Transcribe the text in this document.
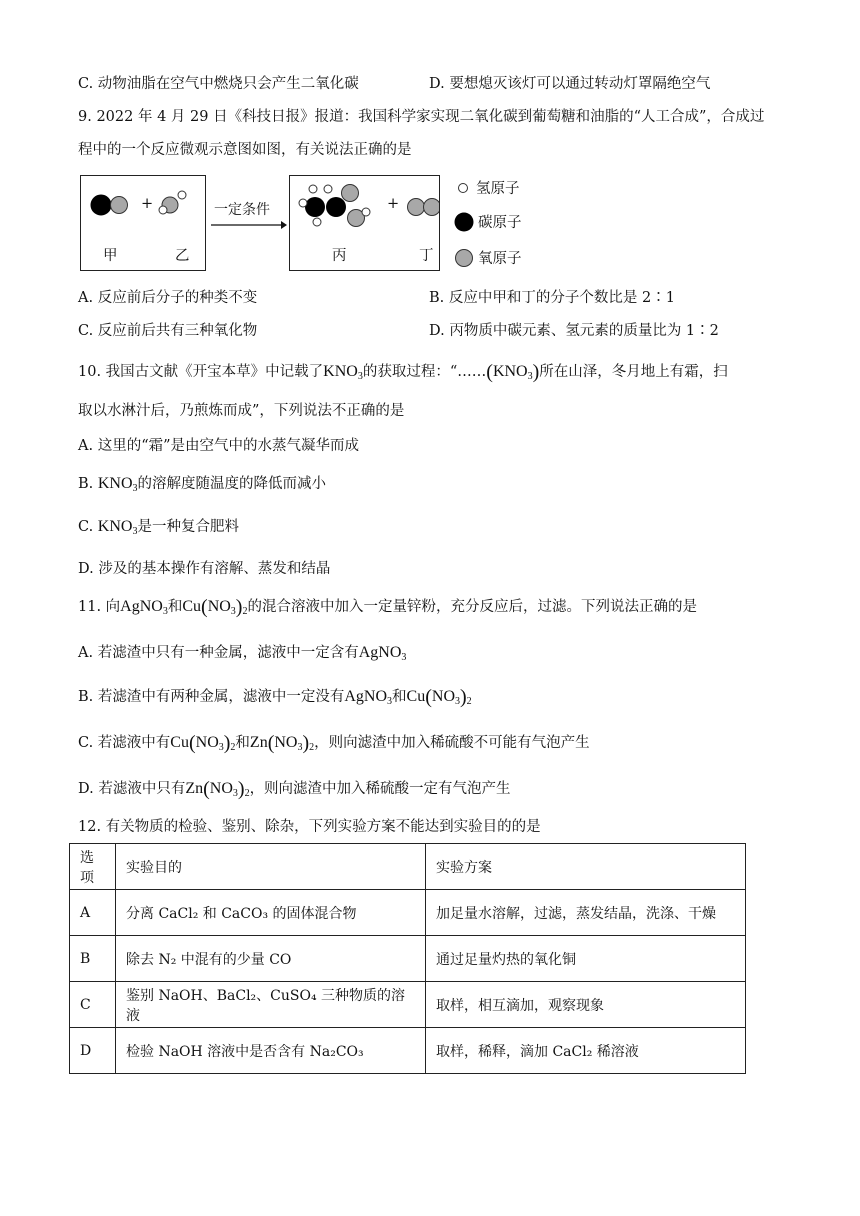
C. 动物油脂在空气中燃烧只会产生二氧化碳	D. 要想熄灭该灯可以通过转动灯罩隔绝空气
9. 2022 年 4 月 29 日《科技日报》报道：我国科学家实现二氧化碳到葡萄糖和油脂的“人工合成”，合成过
程中的一个反应微观示意图如图，有关说法正确的是
+
甲	乙
一定条件	+
丙	丁
氢原子
碳原子
氧原子
A. 反应前后分子的种类不变	B. 反应中甲和丁的分子个数比是 2∶1
C. 反应前后共有三种氧化物	D. 丙物质中碳元素、氢元素的质量比为 1∶2
10. 我国古文献《开宝本草》中记载了$KNO_3$的获取过程：“$\dots\dots(KNO_3)$所在山泽，冬月地上有霜，扫
取以水淋汁后，乃煎炼而成”，下列说法不正确的是
A. 这里的“霜”是由空气中的水蒸气凝华而成
B. $KNO_3$的溶解度随温度的降低而减小
C. $KNO_3$是一种复合肥料
D. 涉及的基本操作有溶解、蒸发和结晶
11. 向AgNO$_3$和$Cu(NO_3)_2$的混合溶液中加入一定量锌粉，充分反应后，过滤。下列说法正确的是
A. 若滤渣中只有一种金属，滤液中一定含有AgNO$_3$
B. 若滤渣中有两种金属，滤液中一定没有AgNO$_3$和$Cu(NO_3)_2$
C. 若滤液中有$Cu(NO_3)_2$和$Zn(NO_3)_2$，则向滤渣中加入稀硫酸不可能有气泡产生
D. 若滤液中只有$Zn(NO_3)_2$，则向滤渣中加入稀硫酸一定有气泡产生
12. 有关物质的检验、鉴别、除杂，下列实验方案不能达到实验目的的是
选项	实验目的	实验方案
A	分离 CaCl₂ 和 CaCO₃ 的固体混合物	加足量水溶解，过滤，蒸发结晶，洗涤、干燥
B	除去 N₂ 中混有的少量 CO	通过足量灼热的氧化铜
C	鉴别 NaOH、BaCl₂、CuSO₄ 三种物质的溶液	取样，相互滴加，观察现象
D	检验 NaOH 溶液中是否含有 Na₂CO₃	取样，稀释，滴加 CaCl₂ 稀溶液
